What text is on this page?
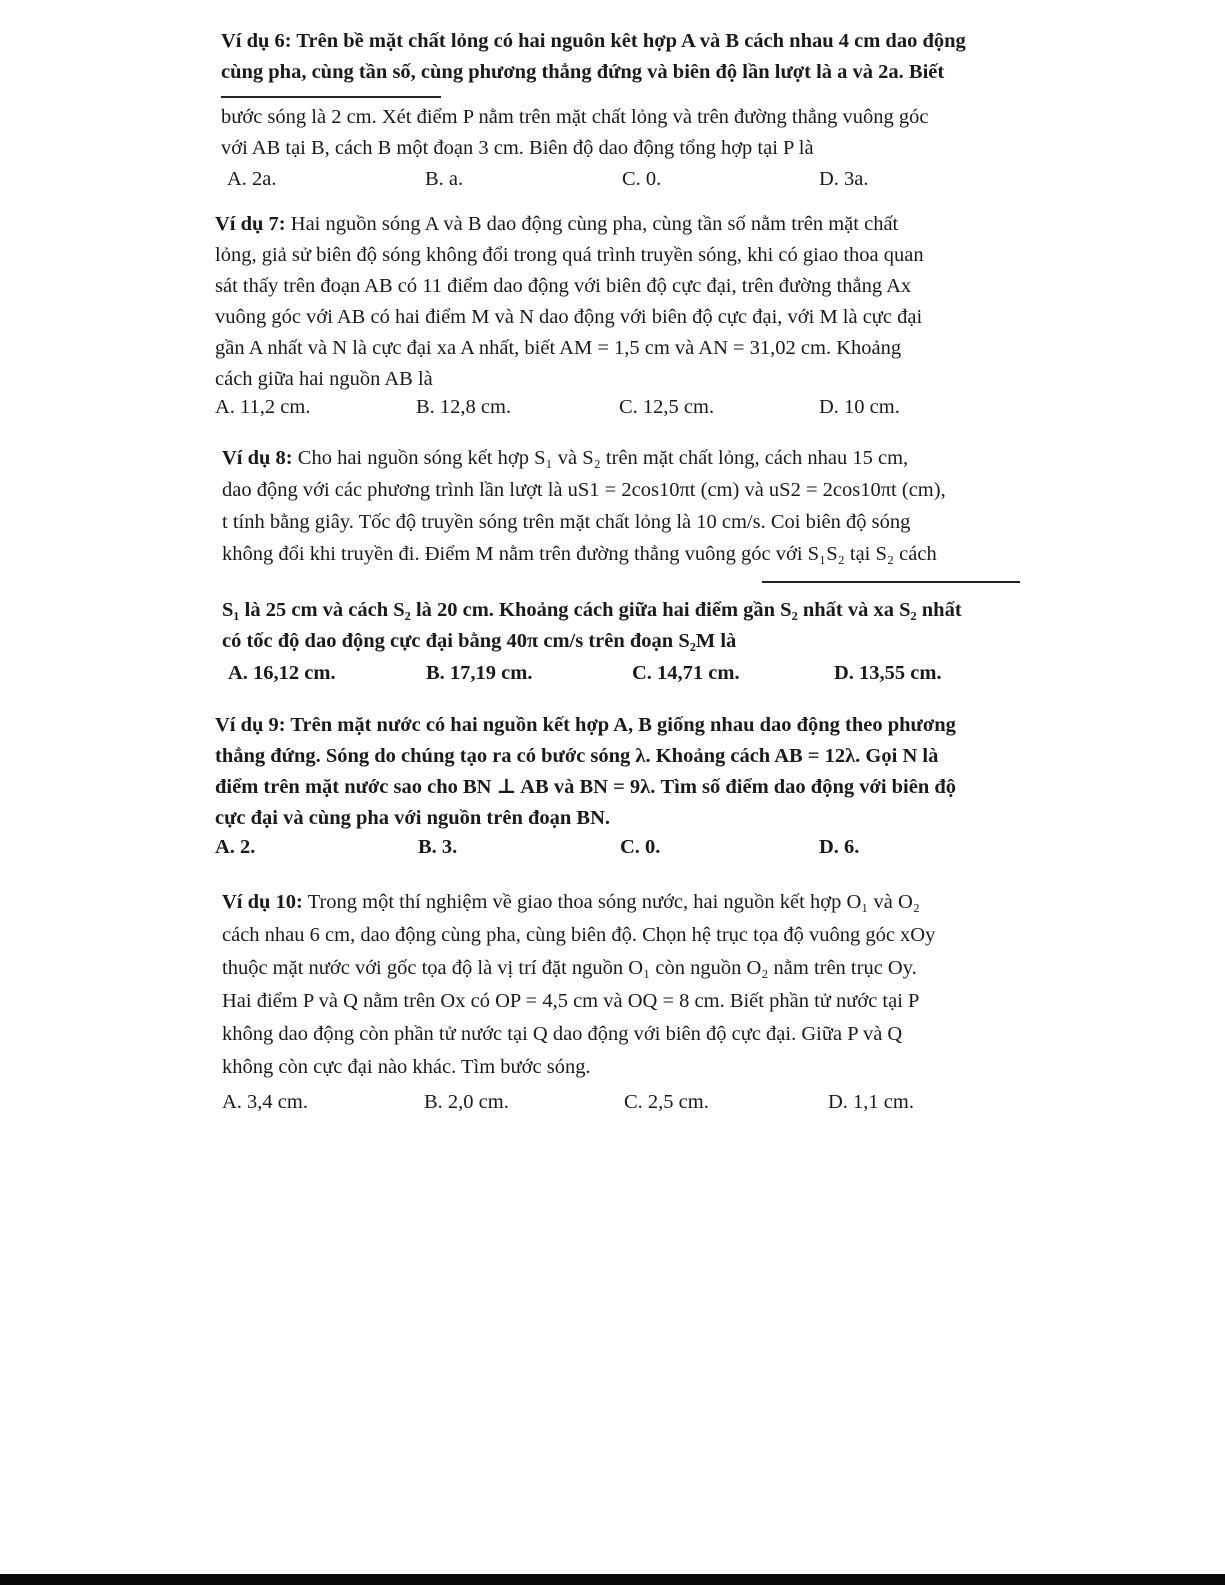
Ví dụ 6: Trên bề mặt chất lỏng có hai nguôn kêt hợp A và B cách nhau 4 cm dao động
cùng pha, cùng tần số, cùng phương thẳng đứng và biên độ lần lượt là a và 2a. Biết
bước sóng là 2 cm. Xét điểm P nằm trên mặt chất lỏng và trên đường thẳng vuông góc
với AB tại B, cách B một đoạn 3 cm. Biên độ dao động tổng hợp tại P là
A. 2a.	B. a.	C. 0.	D. 3a.
Ví dụ 7: Hai nguồn sóng A và B dao động cùng pha, cùng tần số nằm trên mặt chất
lỏng, giả sử biên độ sóng không đổi trong quá trình truyền sóng, khi có giao thoa quan
sát thấy trên đoạn AB có 11 điểm dao động với biên độ cực đại, trên đường thẳng Ax
vuông góc với AB có hai điểm M và N dao động với biên độ cực đại, với M là cực đại
gần A nhất và N là cực đại xa A nhất, biết AM = 1,5 cm và AN = 31,02 cm. Khoảng
cách giữa hai nguồn AB là
A. 11,2 cm.	B. 12,8 cm.	C. 12,5 cm.	D. 10 cm.
Ví dụ 8: Cho hai nguồn sóng kết hợp S₁ và S₂ trên mặt chất lỏng, cách nhau 15 cm,
dao động với các phương trình lần lượt là uS1 = 2cos10πt (cm) và uS2 = 2cos10πt (cm),
t tính bằng giây. Tốc độ truyền sóng trên mặt chất lỏng là 10 cm/s. Coi biên độ sóng
không đổi khi truyền đi. Điểm M nằm trên đường thẳng vuông góc với S₁S₂ tại S₂ cách
S₁ là 25 cm và cách S₂ là 20 cm. Khoảng cách giữa hai điểm gần S₂ nhất và xa S₂ nhất
có tốc độ dao động cực đại bằng 40π cm/s trên đoạn S₂M là
A. 16,12 cm.	B. 17,19 cm.	C. 14,71 cm.	D. 13,55 cm.
Ví dụ 9: Trên mặt nước có hai nguồn kết hợp A, B giống nhau dao động theo phương
thẳng đứng. Sóng do chúng tạo ra có bước sóng λ. Khoảng cách AB = 12λ. Gọi N là
điểm trên mặt nước sao cho BN ⊥ AB và BN = 9λ. Tìm số điểm dao động với biên độ
cực đại và cùng pha với nguồn trên đoạn BN.
A. 2.	B. 3.	C. 0.	D. 6.
Ví dụ 10: Trong một thí nghiệm về giao thoa sóng nước, hai nguồn kết hợp O₁ và O₂
cách nhau 6 cm, dao động cùng pha, cùng biên độ. Chọn hệ trục tọa độ vuông góc xOy
thuộc mặt nước với gốc tọa độ là vị trí đặt nguồn O₁ còn nguồn O₂ nằm trên trục Oy.
Hai điểm P và Q nằm trên Ox có OP = 4,5 cm và OQ = 8 cm. Biết phần tử nước tại P
không dao động còn phần tử nước tại Q dao động với biên độ cực đại. Giữa P và Q
không còn cực đại nào khác. Tìm bước sóng.
A. 3,4 cm.	B. 2,0 cm.	C. 2,5 cm.	D. 1,1 cm.
